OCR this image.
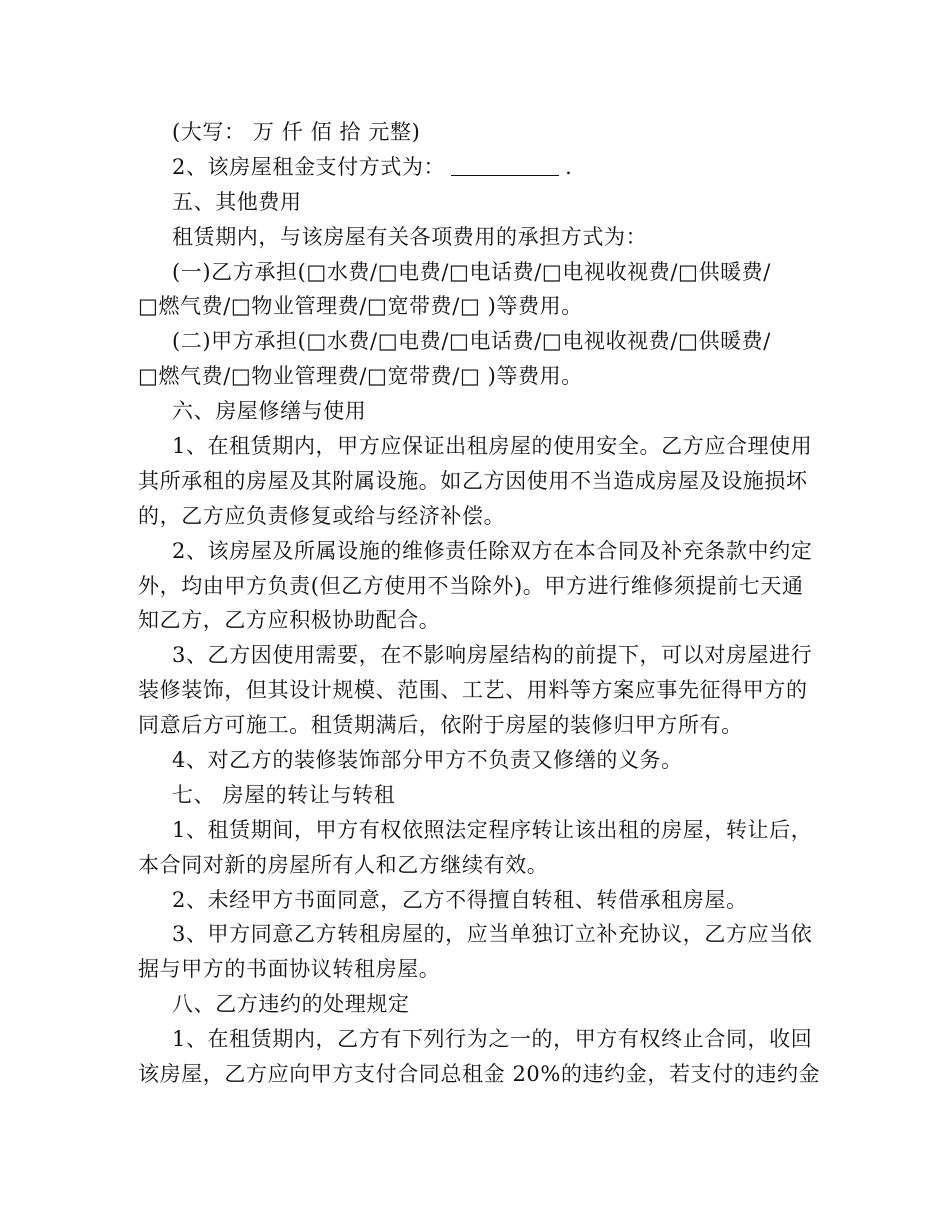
(大写： 万 仟 佰 拾 元整)
2、该房屋租金支付方式为：	.
五、其他费用
租赁期内，与该房屋有关各项费用的承担方式为：
(一)乙方承担(□水费/□电费/□电话费/□电视收视费/□供暖费/
□燃气费/□物业管理费/□宽带费/□ )等费用。
(二)甲方承担(□水费/□电费/□电话费/□电视收视费/□供暖费/
□燃气费/□物业管理费/□宽带费/□ )等费用。
六、房屋修缮与使用
1、在租赁期内，甲方应保证出租房屋的使用安全。乙方应合理使用
其所承租的房屋及其附属设施。如乙方因使用不当造成房屋及设施损坏
的，乙方应负责修复或给与经济补偿。
2、该房屋及所属设施的维修责任除双方在本合同及补充条款中约定
外，均由甲方负责(但乙方使用不当除外)。甲方进行维修须提前七天通
知乙方，乙方应积极协助配合。
3、乙方因使用需要，在不影响房屋结构的前提下，可以对房屋进行
装修装饰，但其设计规模、范围、工艺、用料等方案应事先征得甲方的
同意后方可施工。租赁期满后，依附于房屋的装修归甲方所有。
4、对乙方的装修装饰部分甲方不负责又修缮的义务。
七、 房屋的转让与转租
1、租赁期间，甲方有权依照法定程序转让该出租的房屋，转让后，
本合同对新的房屋所有人和乙方继续有效。
2、未经甲方书面同意，乙方不得擅自转租、转借承租房屋。
3、甲方同意乙方转租房屋的，应当单独订立补充协议，乙方应当依
据与甲方的书面协议转租房屋。
八、乙方违约的处理规定
1、在租赁期内，乙方有下列行为之一的，甲方有权终止合同，收回
该房屋，乙方应向甲方支付合同总租金 20%的违约金，若支付的违约金
